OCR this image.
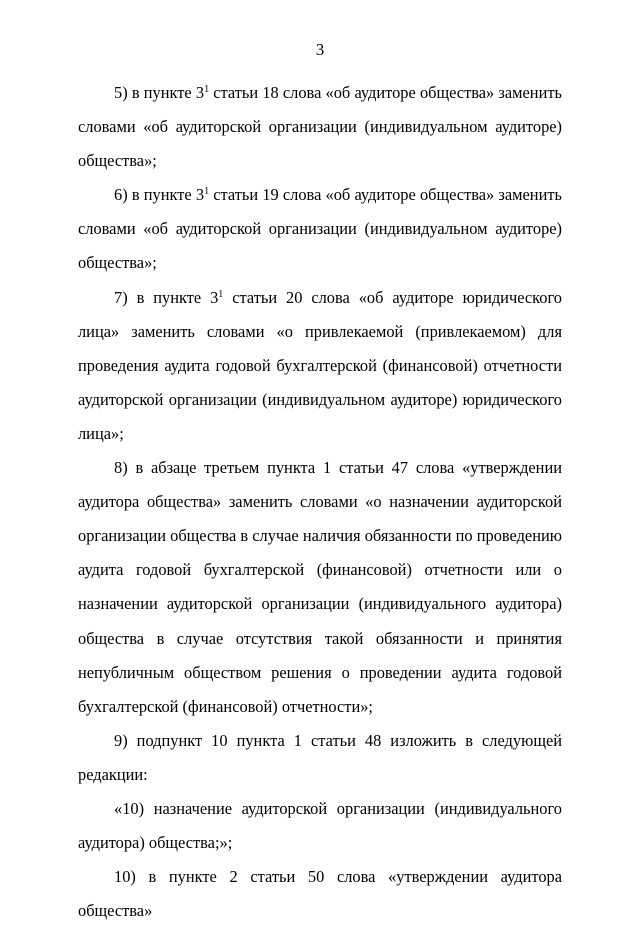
3

5) в пункте $3^1$ статьи 18 слова «об аудиторе общества» заменить словами «об аудиторской организации (индивидуальном аудиторе) общества»;

6) в пункте $3^1$ статьи 19 слова «об аудиторе общества» заменить словами «об аудиторской организации (индивидуальном аудиторе) общества»;

7) в пункте $3^1$ статьи 20 слова «об аудиторе юридического лица» заменить словами «о привлекаемой (привлекаемом) для проведения аудита годовой бухгалтерской (финансовой) отчетности аудиторской организации (индивидуальном аудиторе) юридического лица»;

8) в абзаце третьем пункта 1 статьи 47 слова «утверждении аудитора общества» заменить словами «о назначении аудиторской организации общества в случае наличия обязанности по проведению аудита годовой бухгалтерской (финансовой) отчетности или о назначении аудиторской организации (индивидуального аудитора) общества в случае отсутствия такой обязанности и принятия непубличным обществом решения о проведении аудита годовой бухгалтерской (финансовой) отчетности»;

9) подпункт 10 пункта 1 статьи 48 изложить в следующей редакции:

«10) назначение аудиторской организации (индивидуального аудитора) общества;»;

10) в пункте 2 статьи 50 слова «утверждении аудитора общества»
